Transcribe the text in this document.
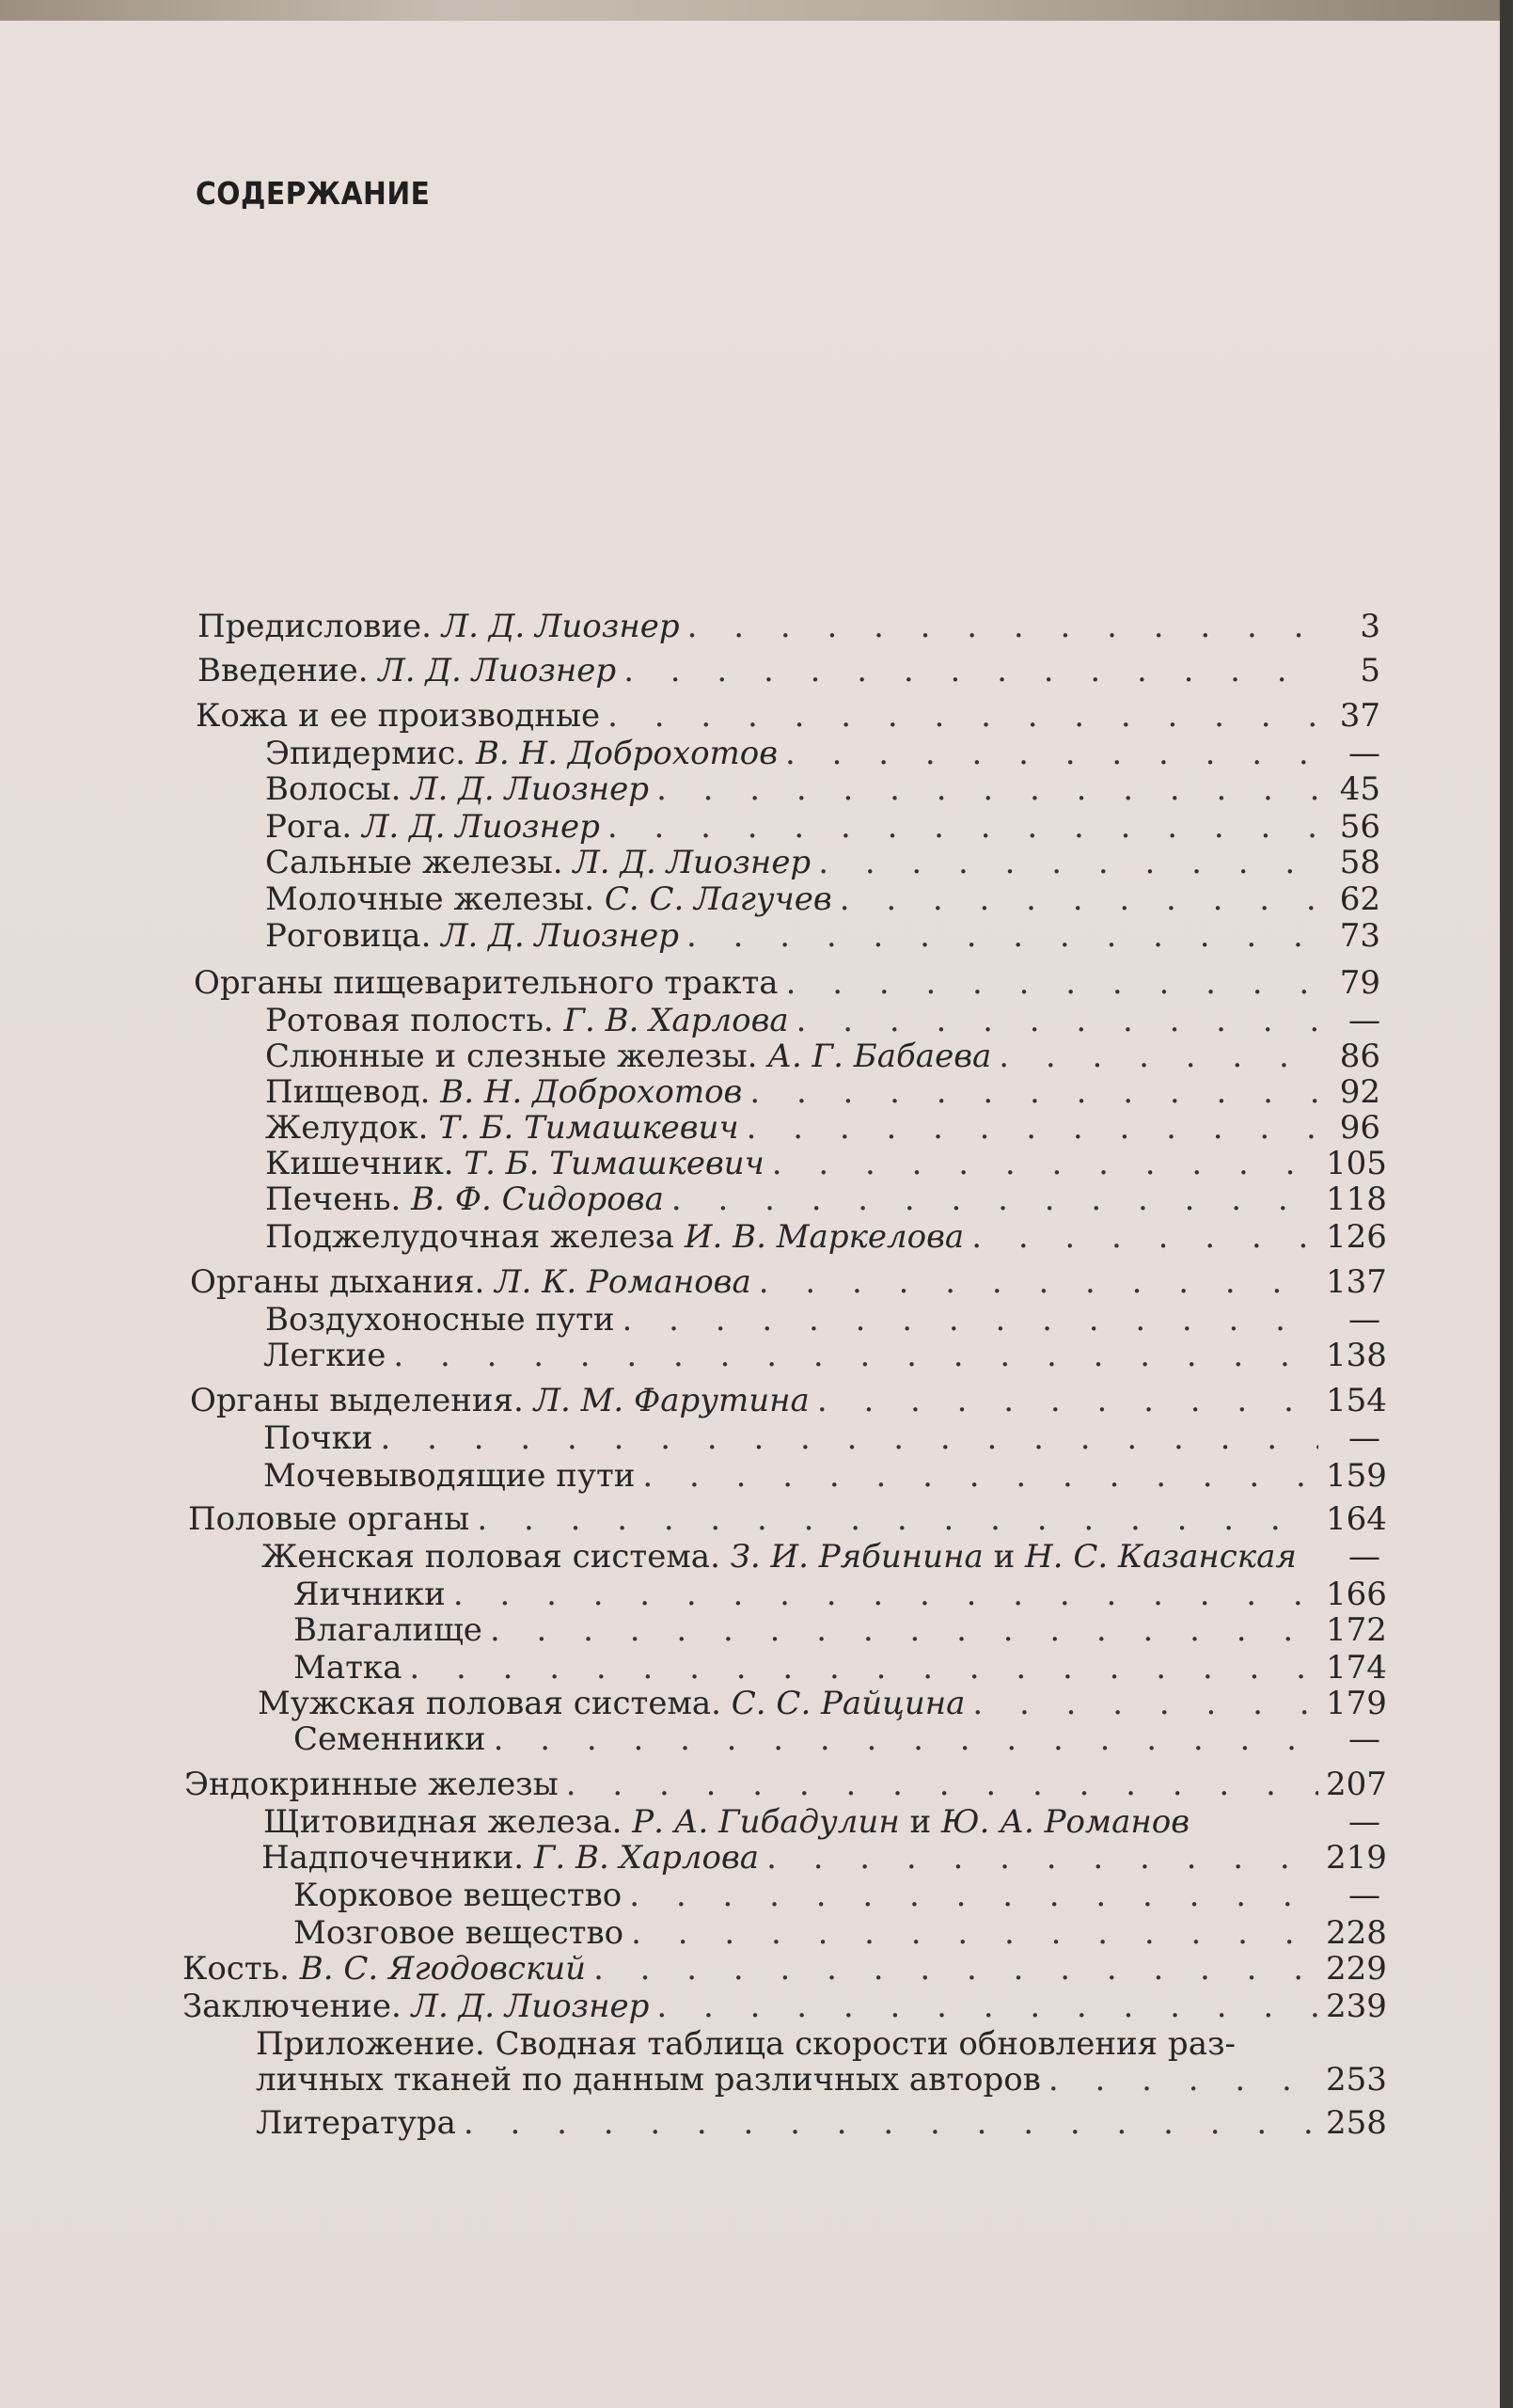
СОДЕРЖАНИЕ
Предисловие. Л. Д. Лиознер . . .	3
Введение. Л. Д. Лиознер . . .	5
Кожа и ее производные . . .	37
Эпидермис. В. Н. Доброхотов . . .	—
Волосы. Л. Д. Лиознер . . .	45
Рога. Л. Д. Лиознер . . .	56
Сальные железы. Л. Д. Лиознер . . .	58
Молочные железы. С. С. Лагучев . . .	62
Роговица. Л. Д. Лиознер . . .	73
Органы пищеварительного тракта . . .	79
Ротовая полость. Г. В. Харлова . . .	—
Слюнные и слезные железы. А. Г. Бабаева . . .	86
Пищевод. В. Н. Доброхотов . . .	92
Желудок. Т. Б. Тимашкевич . . .	96
Кишечник. Т. Б. Тимашкевич . . .	105
Печень. В. Ф. Сидорова . . .	118
Поджелудочная железа И. В. Маркелова . . .	126
Органы дыхания. Л. К. Романова . . .	137
Воздухоносные пути . . .	—
Легкие . . .	138
Органы выделения. Л. М. Фарутина . . .	154
Почки . . .	—
Мочевыводящие пути . . .	159
Половые органы . . .	164
Женская половая система. З. И. Рябинина и Н. С. Казанская	—
Яичники . . .	166
Влагалище . . .	172
Матка . . .	174
Мужская половая система. С. С. Райцина . . .	179
Семенники . . .	—
Эндокринные железы . . .	207
Щитовидная железа. Р. А. Гибадулин и Ю. А. Романов	—
Надпочечники. Г. В. Харлова . . .	219
Корковое вещество . . .	—
Мозговое вещество . . .	228
Кость. В. С. Ягодовский . . .	229
Заключение. Л. Д. Лиознер . . .	239
Приложение. Сводная таблица скорости обновления раз-
личных тканей по данным различных авторов . . .	253
Литература . . .	258
